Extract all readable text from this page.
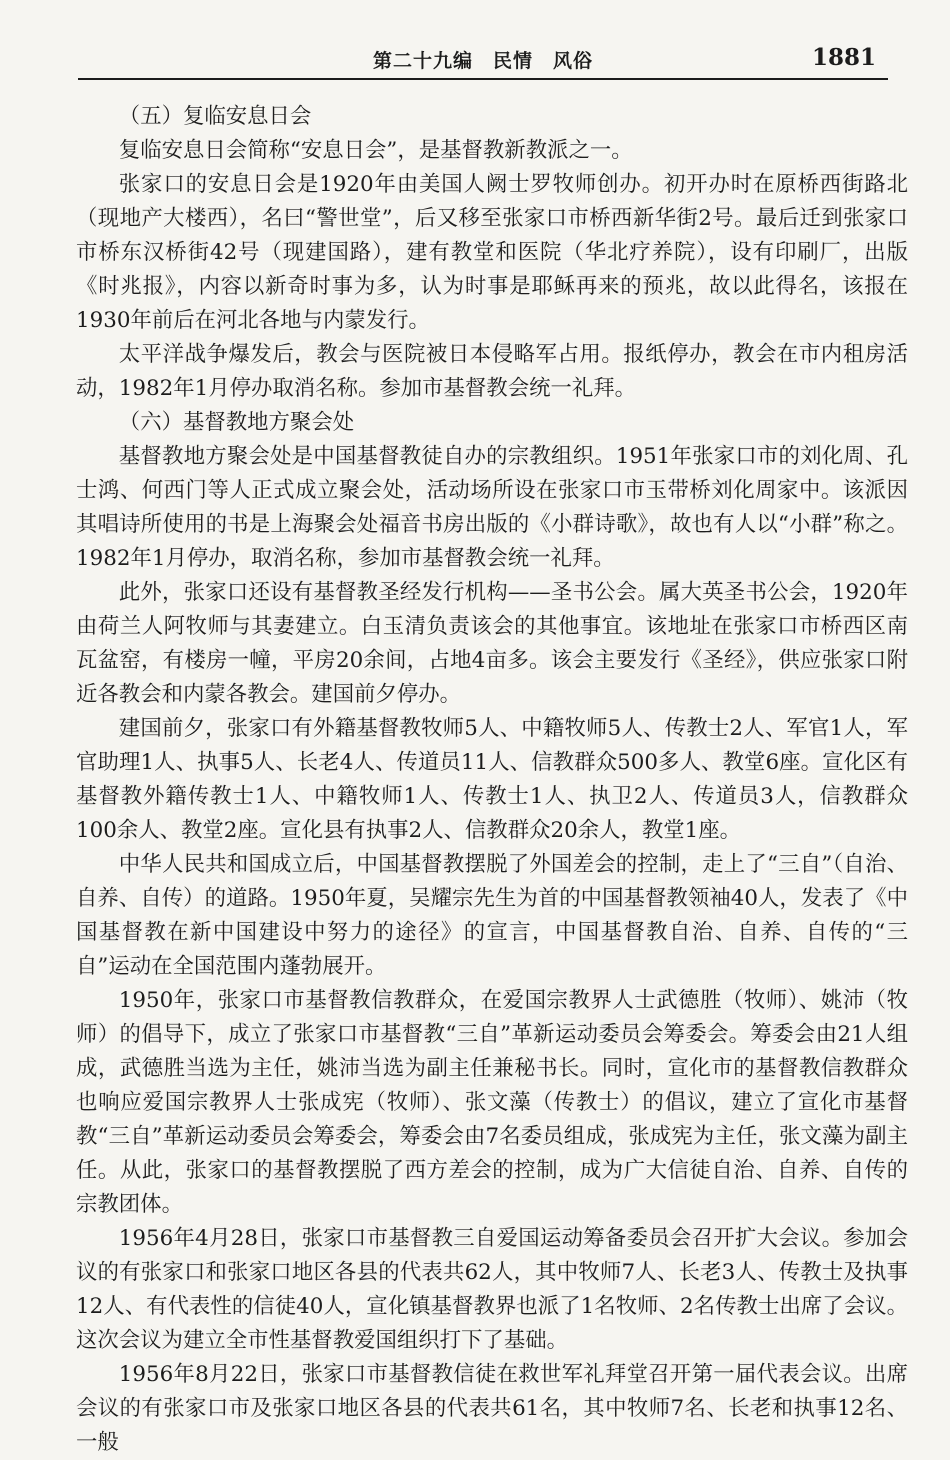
第二十九编　民情　风俗	1881

（五）复临安息日会

复临安息日会简称“安息日会”，是基督教新教派之一。

张家口的安息日会是1920年由美国人阙士罗牧师创办。初开办时在原桥西街路北（现地产大楼西），名曰“警世堂”，后又移至张家口市桥西新华街2号。最后迁到张家口市桥东汉桥街42号（现建国路），建有教堂和医院（华北疗养院），设有印刷厂，出版《时兆报》，内容以新奇时事为多，认为时事是耶稣再来的预兆，故以此得名，该报在1930年前后在河北各地与内蒙发行。

太平洋战争爆发后，教会与医院被日本侵略军占用。报纸停办，教会在市内租房活动，1982年1月停办取消名称。参加市基督教会统一礼拜。

（六）基督教地方聚会处

基督教地方聚会处是中国基督教徒自办的宗教组织。1951年张家口市的刘化周、孔士鸿、何西门等人正式成立聚会处，活动场所设在张家口市玉带桥刘化周家中。该派因其唱诗所使用的书是上海聚会处福音书房出版的《小群诗歌》，故也有人以“小群”称之。1982年1月停办，取消名称，参加市基督教会统一礼拜。

此外，张家口还设有基督教圣经发行机构——圣书公会。属大英圣书公会，1920年由荷兰人阿牧师与其妻建立。白玉清负责该会的其他事宜。该地址在张家口市桥西区南瓦盆窑，有楼房一幢，平房20余间，占地4亩多。该会主要发行《圣经》，供应张家口附近各教会和内蒙各教会。建国前夕停办。

建国前夕，张家口有外籍基督教牧师5人、中籍牧师5人、传教士2人、军官1人，军官助理1人、执事5人、长老4人、传道员11人、信教群众500多人、教堂6座。宣化区有基督教外籍传教士1人、中籍牧师1人、传教士1人、执卫2人、传道员3人，信教群众100余人、教堂2座。宣化县有执事2人、信教群众20余人，教堂1座。

中华人民共和国成立后，中国基督教摆脱了外国差会的控制，走上了“三自”（自治、自养、自传）的道路。1950年夏，吴耀宗先生为首的中国基督教领袖40人，发表了《中国基督教在新中国建设中努力的途径》的宣言，中国基督教自治、自养、自传的“三自”运动在全国范围内蓬勃展开。

1950年，张家口市基督教信教群众，在爱国宗教界人士武德胜（牧师）、姚沛（牧师）的倡导下，成立了张家口市基督教“三自”革新运动委员会筹委会。筹委会由21人组成，武德胜当选为主任，姚沛当选为副主任兼秘书长。同时，宣化市的基督教信教群众也响应爱国宗教界人士张成宪（牧师）、张文藻（传教士）的倡议，建立了宣化市基督教“三自”革新运动委员会筹委会，筹委会由7名委员组成，张成宪为主任，张文藻为副主任。从此，张家口的基督教摆脱了西方差会的控制，成为广大信徒自治、自养、自传的宗教团体。

1956年4月28日，张家口市基督教三自爱国运动筹备委员会召开扩大会议。参加会议的有张家口和张家口地区各县的代表共62人，其中牧师7人、长老3人、传教士及执事12人、有代表性的信徒40人，宣化镇基督教界也派了1名牧师、2名传教士出席了会议。这次会议为建立全市性基督教爱国组织打下了基础。

1956年8月22日，张家口市基督教信徒在救世军礼拜堂召开第一届代表会议。出席会议的有张家口市及张家口地区各县的代表共61名，其中牧师7名、长老和执事12名、一般
